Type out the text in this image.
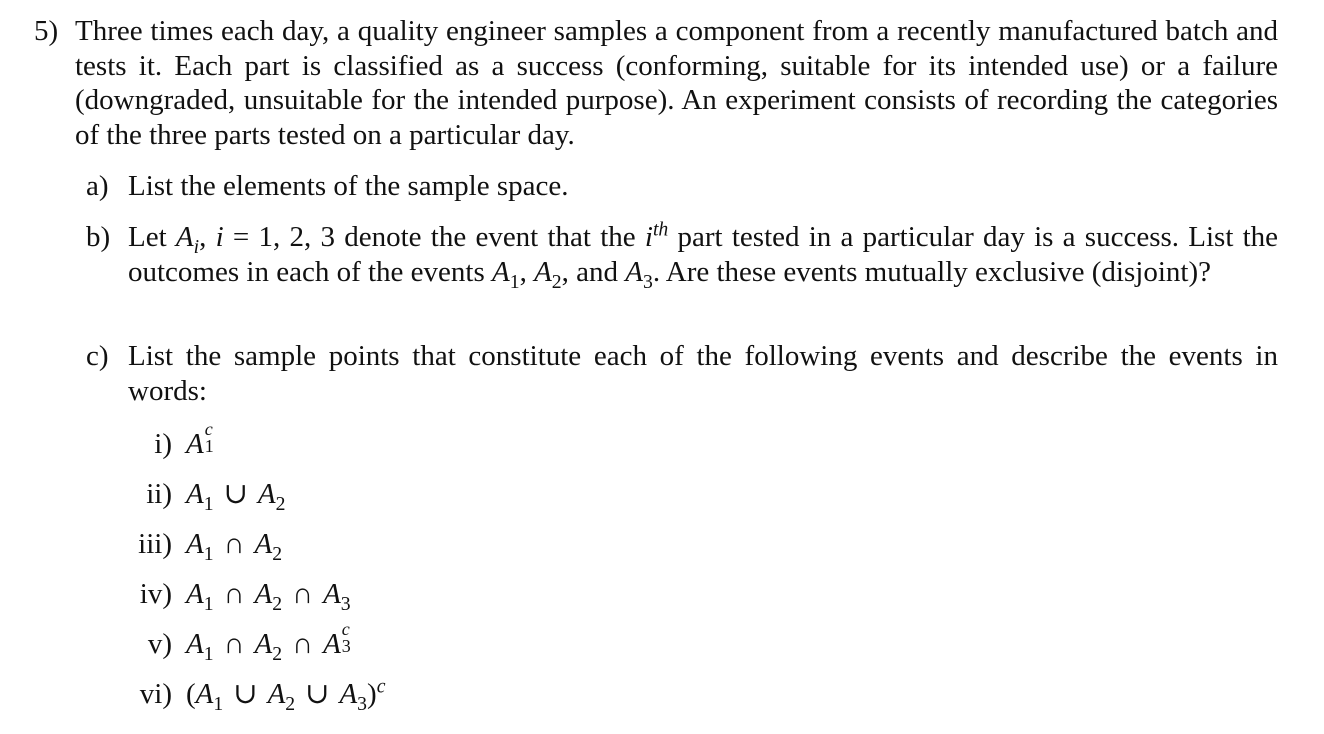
5) Three times each day, a quality engineer samples a component from a recently manufactured batch and tests it. Each part is classified as a success (conforming, suitable for its intended use) or a failure (downgraded, unsuitable for the intended purpose). An experiment consists of recording the categories of the three parts tested on a particular day.
a) List the elements of the sample space.
b) Let $A_i$, i = 1, 2, 3 denote the event that the $i^{th}$ part tested in a particular day is a success. List the outcomes in each of the events $A_1$, $A_2$, and $A_3$. Are these events mutually exclusive (disjoint)?
c) List the sample points that constitute each of the following events and describe the events in words:
i) A c
1
ii) $A_1$ ∪ $A_2$
iii) $A_1$ ∩ $A_2$
iv) $A_1$ ∩ $A_2$ ∩ $A_3$
v) $A_1$ ∩ $A_2$ ∩ A c
3
vi) ($A_1$ ∪ $A_2$ ∪ $A_3)^c$
